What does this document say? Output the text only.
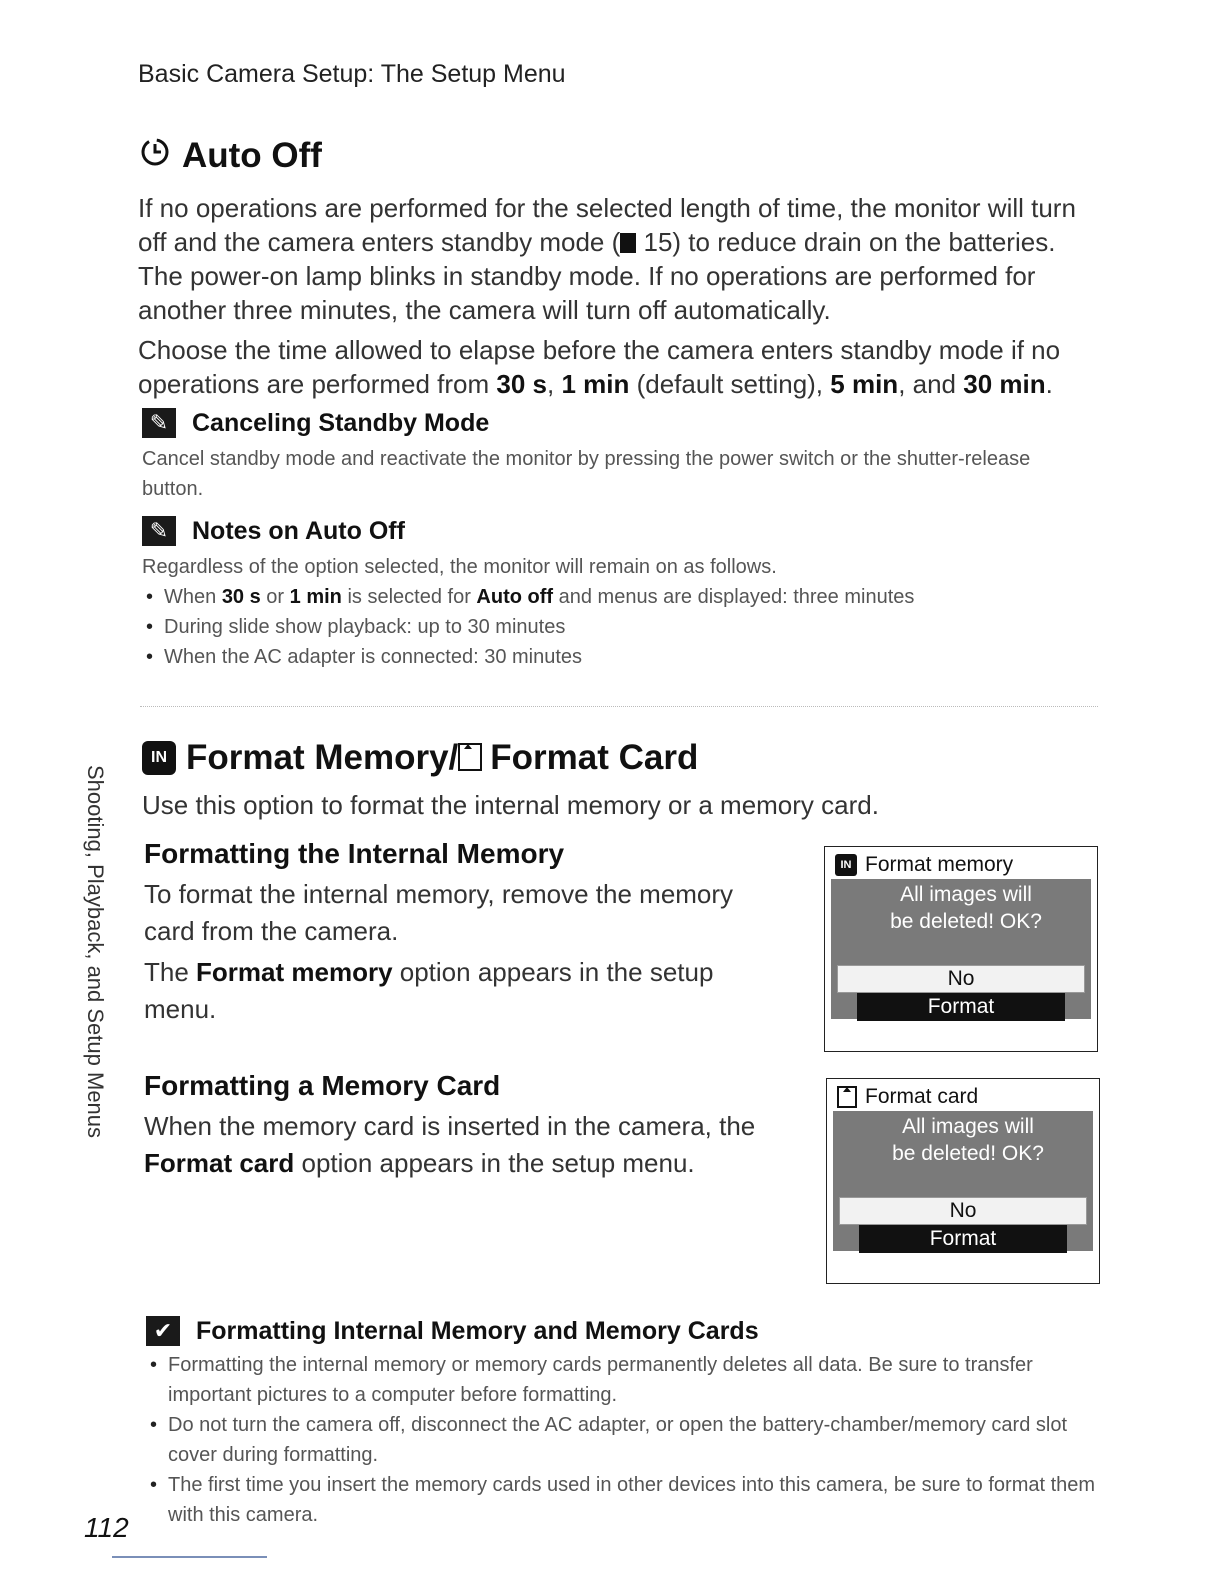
Basic Camera Setup: The Setup Menu
Auto Off

If no operations are performed for the selected length of time, the monitor will turn off and the camera enters standby mode ( 15) to reduce drain on the batteries. The power-on lamp blinks in standby mode. If no operations are performed for another three minutes, the camera will turn off automatically.

Choose the time allowed to elapse before the camera enters standby mode if no operations are performed from 30 s, 1 min (default setting), 5 min, and 30 min.

✎ Canceling Standby Mode

Cancel standby mode and reactivate the monitor by pressing the power switch or the shutter-release button.

✎ Notes on Auto Off

Regardless of the option selected, the monitor will remain on as follows.

• When 30 s or 1 min is selected for Auto off and menus are displayed: three minutes
• During slide show playback: up to 30 minutes
• When the AC adapter is connected: 30 minutes
Shooting, Playback, and Setup Menus
IN Format Memory/ Format Card

Use this option to format the internal memory or a memory card.

Formatting the Internal Memory

To format the internal memory, remove the memory card from the camera.

The Format memory option appears in the setup menu.

Formatting a Memory Card

When the memory card is inserted in the camera, the Format card option appears in the setup menu.

IN Format memory
All images will
be deleted! OK?
No
Format
Format card
All images will
be deleted! OK?
No
Format
✔ Formatting Internal Memory and Memory Cards
• Formatting the internal memory or memory cards permanently deletes all data. Be sure to transfer important pictures to a computer before formatting.
• Do not turn the camera off, disconnect the AC adapter, or open the battery-chamber/memory card slot cover during formatting.
• The first time you insert the memory cards used in other devices into this camera, be sure to format them with this camera.
112
